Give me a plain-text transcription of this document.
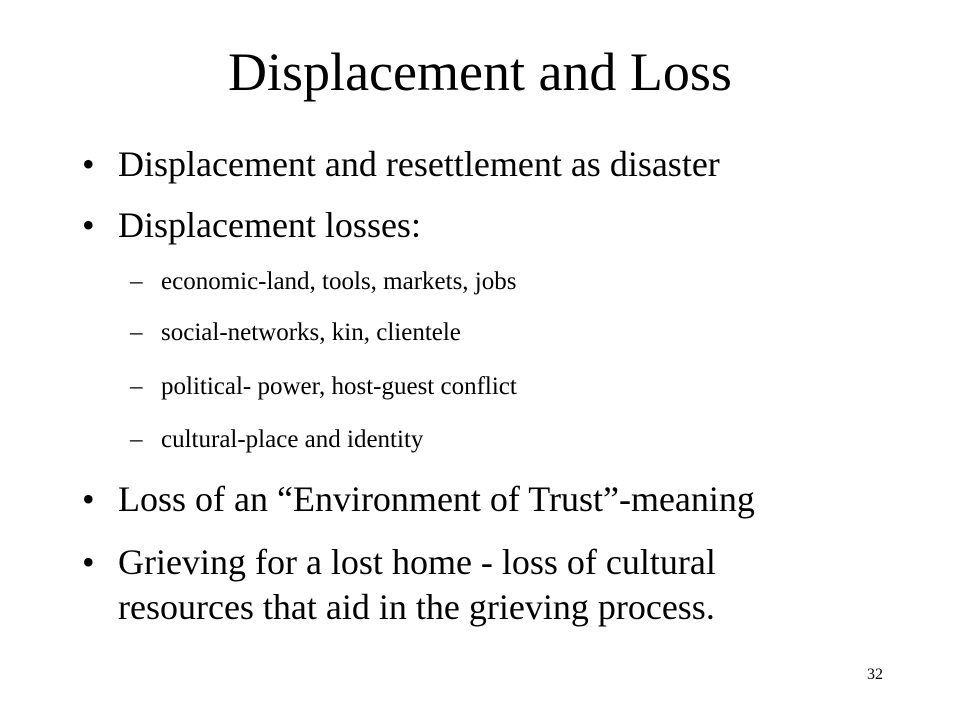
Displacement and Loss
• Displacement and resettlement as disaster
• Displacement losses:
– economic-land, tools, markets, jobs
– social-networks, kin, clientele
– political- power, host-guest conflict
– cultural-place and identity
• Loss of an “Environment of Trust”-meaning
• Grieving for a lost home - loss of cultural
resources that aid in the grieving process.
32
